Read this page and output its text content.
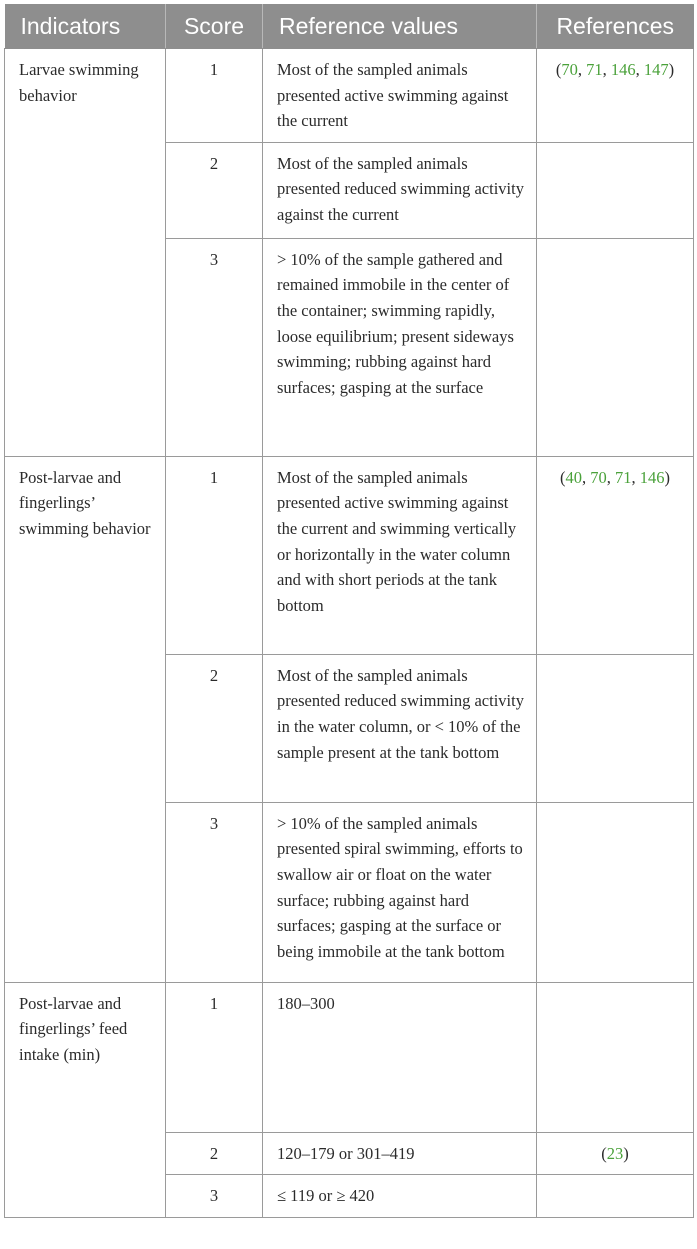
Indicators	Score	Reference values	References
Larvae swimming behavior	1	Most of the sampled animals presented active swimming against the current	(70, 71, 146, 147)
	2	Most of the sampled animals presented reduced swimming activity against the current	
	3	> 10% of the sample gathered and remained immobile in the center of the container; swimming rapidly, loose equilibrium; present sideways swimming; rubbing against hard surfaces; gasping at the surface	
Post-larvae and fingerlings’ swimming behavior	1	Most of the sampled animals presented active swimming against the current and swimming vertically or horizontally in the water column and with short periods at the tank bottom	(40, 70, 71, 146)
	2	Most of the sampled animals presented reduced swimming activity in the water column, or < 10% of the sample present at the tank bottom	
	3	> 10% of the sampled animals presented spiral swimming, efforts to swallow air or float on the water surface; rubbing against hard surfaces; gasping at the surface or being immobile at the tank bottom	
Post-larvae and fingerlings’ feed intake (min)	1	180–300	
	2	120–179 or 301–419	(23)
	3	≤ 119 or ≥ 420	
